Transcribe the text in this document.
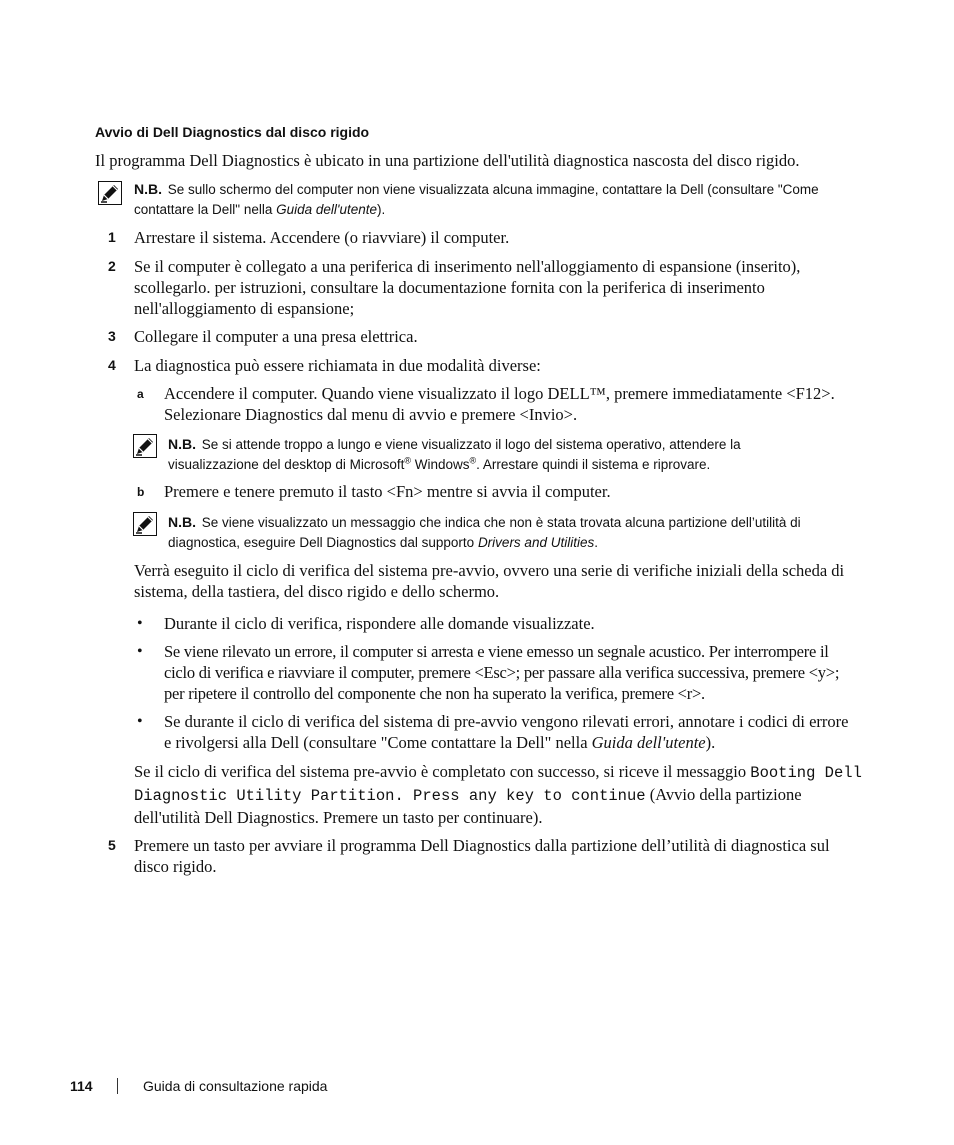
Avvio di Dell Diagnostics dal disco rigido
Il programma Dell Diagnostics è ubicato in una partizione dell'utilità diagnostica nascosta del disco rigido.
N.B. Se sullo schermo del computer non viene visualizzata alcuna immagine, contattare la Dell (consultare "Come contattare la Dell" nella Guida dell'utente).
1	Arrestare il sistema. Accendere (o riavviare) il computer.
2	Se il computer è collegato a una periferica di inserimento nell'alloggiamento di espansione (inserito), scollegarlo. per istruzioni, consultare la documentazione fornita con la periferica di inserimento nell'alloggiamento di espansione;
3	Collegare il computer a una presa elettrica.
4	La diagnostica può essere richiamata in due modalità diverse:
a	Accendere il computer. Quando viene visualizzato il logo DELL™, premere immediatamente <F12>. Selezionare Diagnostics dal menu di avvio e premere <Invio>.
N.B. Se si attende troppo a lungo e viene visualizzato il logo del sistema operativo, attendere la visualizzazione del desktop di Microsoft® Windows®. Arrestare quindi il sistema e riprovare.
b	Premere e tenere premuto il tasto <Fn> mentre si avvia il computer.
N.B. Se viene visualizzato un messaggio che indica che non è stata trovata alcuna partizione dell’utilità di diagnostica, eseguire Dell Diagnostics dal supporto Drivers and Utilities.
Verrà eseguito il ciclo di verifica del sistema pre-avvio, ovvero una serie di verifiche iniziali della scheda di sistema, della tastiera, del disco rigido e dello schermo.
•	Durante il ciclo di verifica, rispondere alle domande visualizzate.
•	Se viene rilevato un errore, il computer si arresta e viene emesso un segnale acustico. Per interrompere il ciclo di verifica e riavviare il computer, premere <Esc>; per passare alla verifica successiva, premere <y>; per ripetere il controllo del componente che non ha superato la verifica, premere <r>.
•	Se durante il ciclo di verifica del sistema di pre-avvio vengono rilevati errori, annotare i codici di errore e rivolgersi alla Dell (consultare "Come contattare la Dell" nella Guida dell'utente).
Se il ciclo di verifica del sistema pre-avvio è completato con successo, si riceve il messaggio Booting Dell Diagnostic Utility Partition. Press any key to continue (Avvio della partizione dell'utilità Dell Diagnostics. Premere un tasto per continuare).
5	Premere un tasto per avviare il programma Dell Diagnostics dalla partizione dell’utilità di diagnostica sul disco rigido.
114	Guida di consultazione rapida
